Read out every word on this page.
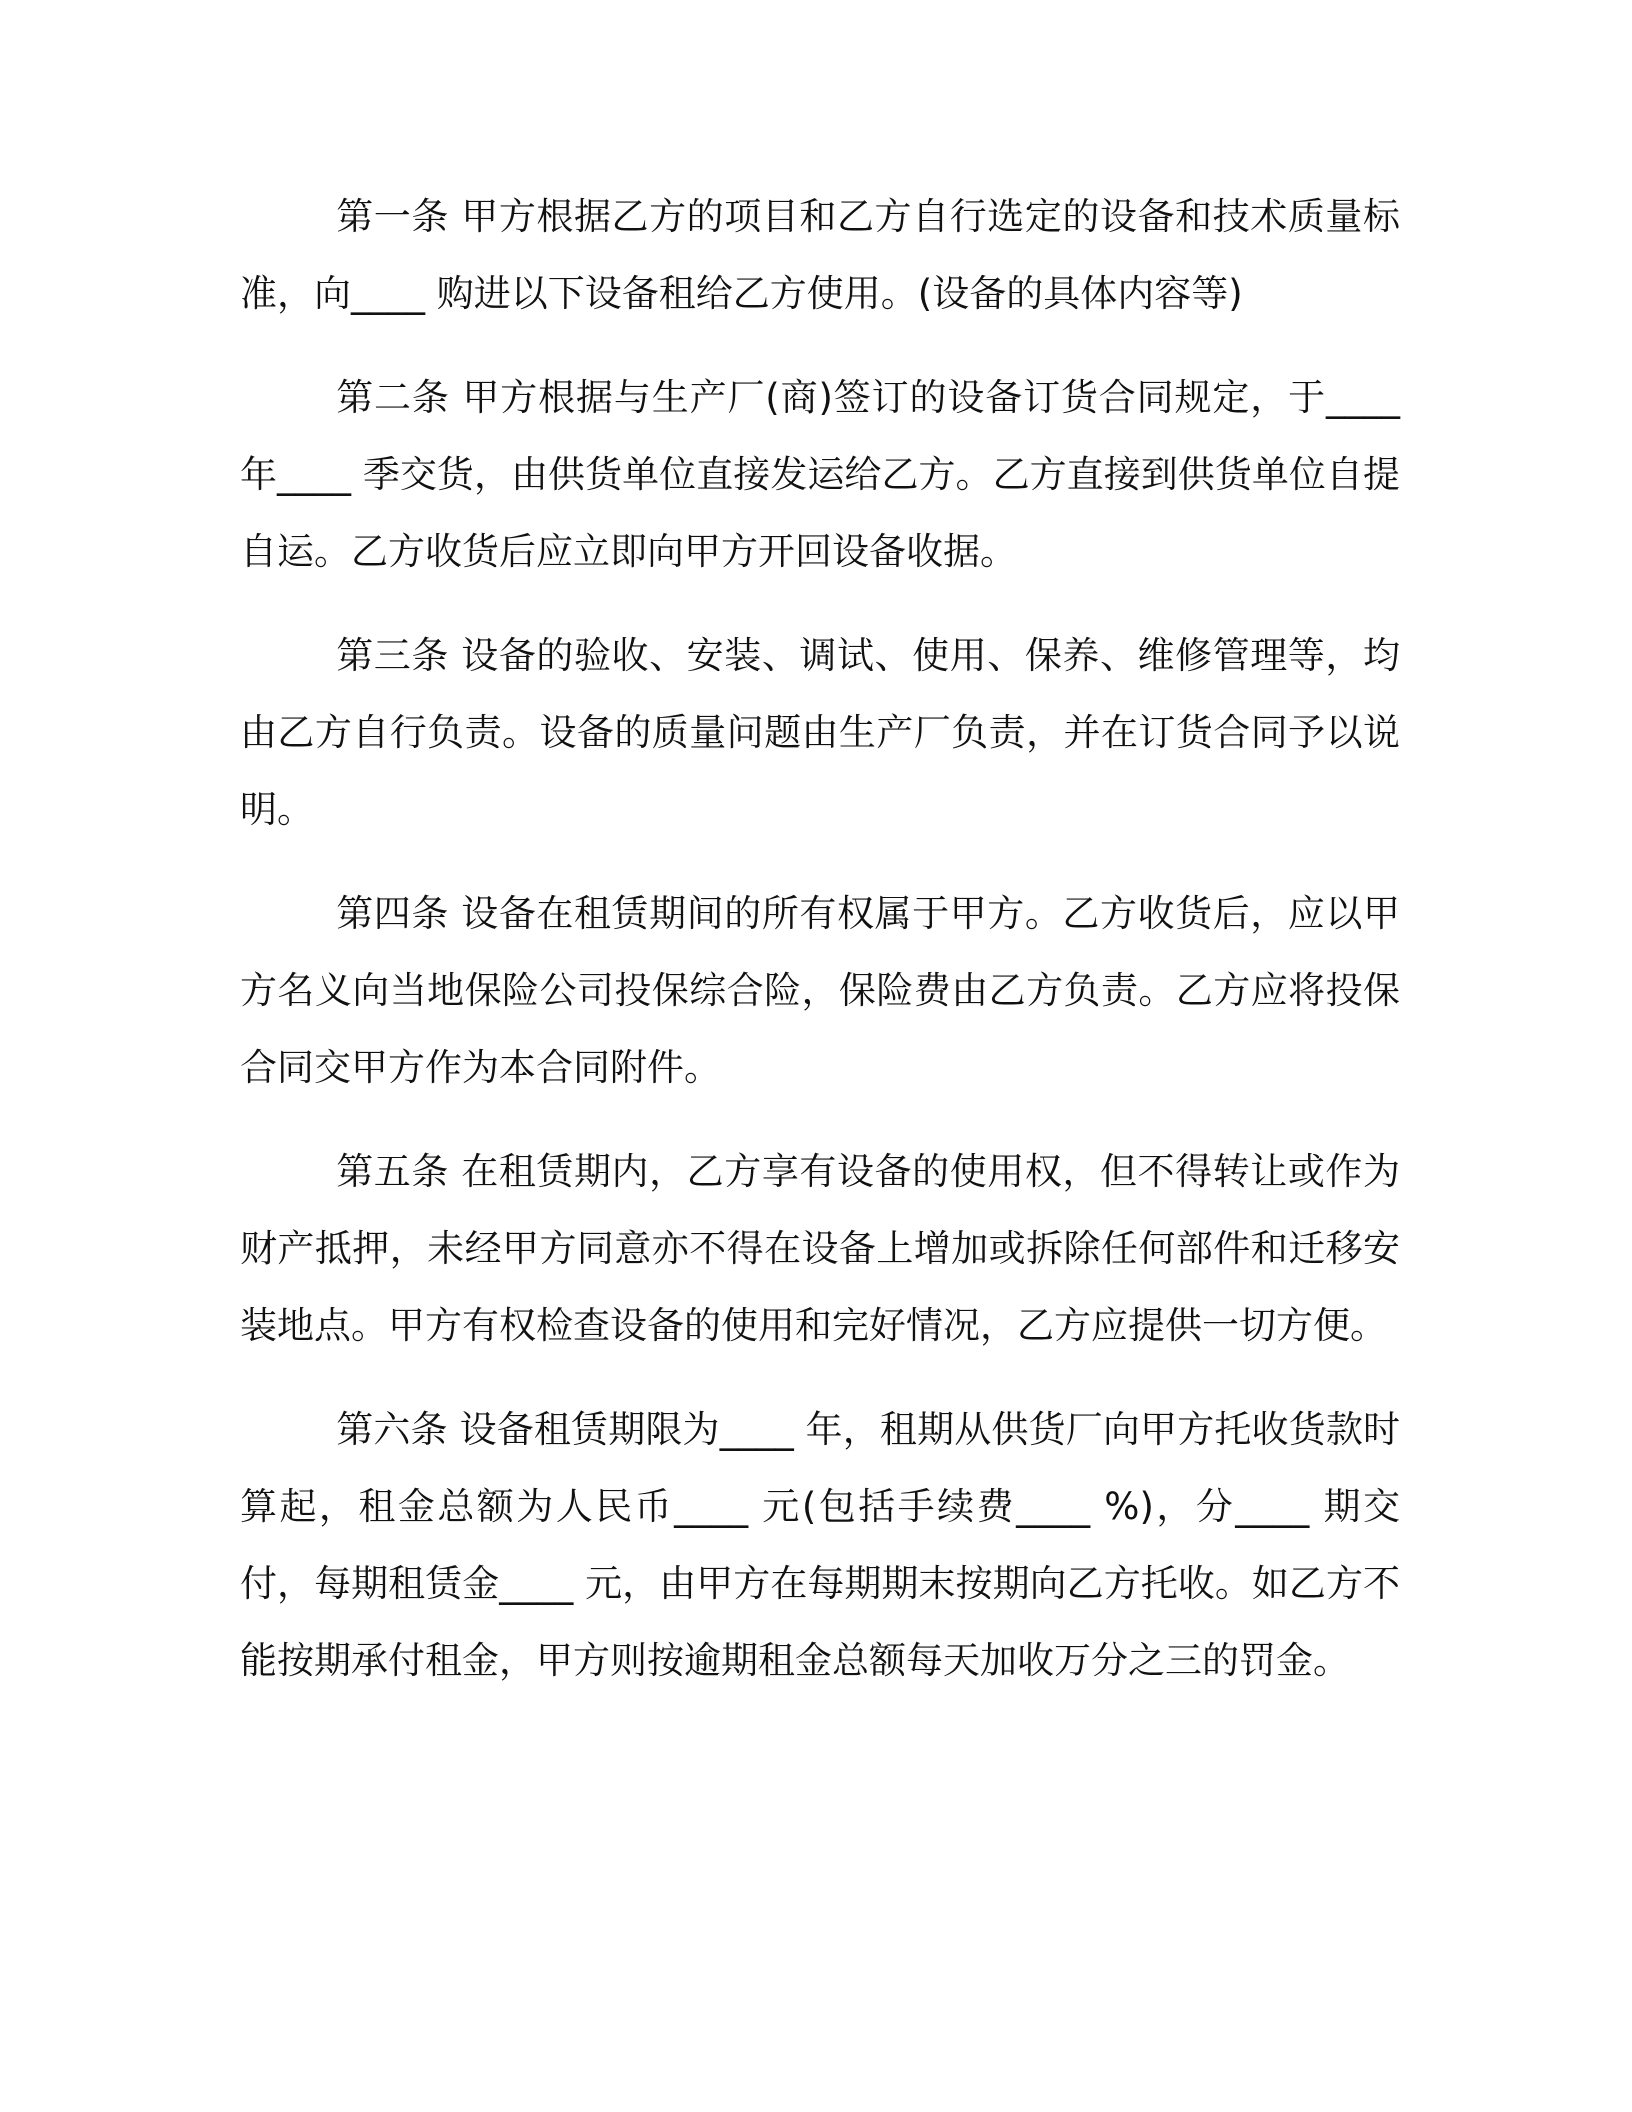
第一条 甲方根据乙方的项目和乙方自行选定的设备和技术质量标准，向____ 购进以下设备租给乙方使用。(设备的具体内容等)

第二条 甲方根据与生产厂(商)签订的设备订货合同规定，于____ 年____ 季交货，由供货单位直接发运给乙方。乙方直接到供货单位自提自运。乙方收货后应立即向甲方开回设备收据。

第三条 设备的验收、安装、调试、使用、保养、维修管理等，均由乙方自行负责。设备的质量问题由生产厂负责，并在订货合同予以说明。

第四条 设备在租赁期间的所有权属于甲方。乙方收货后，应以甲方名义向当地保险公司投保综合险，保险费由乙方负责。乙方应将投保合同交甲方作为本合同附件。

第五条 在租赁期内，乙方享有设备的使用权，但不得转让或作为财产抵押，未经甲方同意亦不得在设备上增加或拆除任何部件和迁移安装地点。甲方有权检查设备的使用和完好情况，乙方应提供一切方便。

第六条 设备租赁期限为____ 年，租期从供货厂向甲方托收货款时算起，租金总额为人民币____ 元(包括手续费____ %)，分____ 期交付，每期租赁金____ 元，由甲方在每期期末按期向乙方托收。如乙方不能按期承付租金，甲方则按逾期租金总额每天加收万分之三的罚金。
